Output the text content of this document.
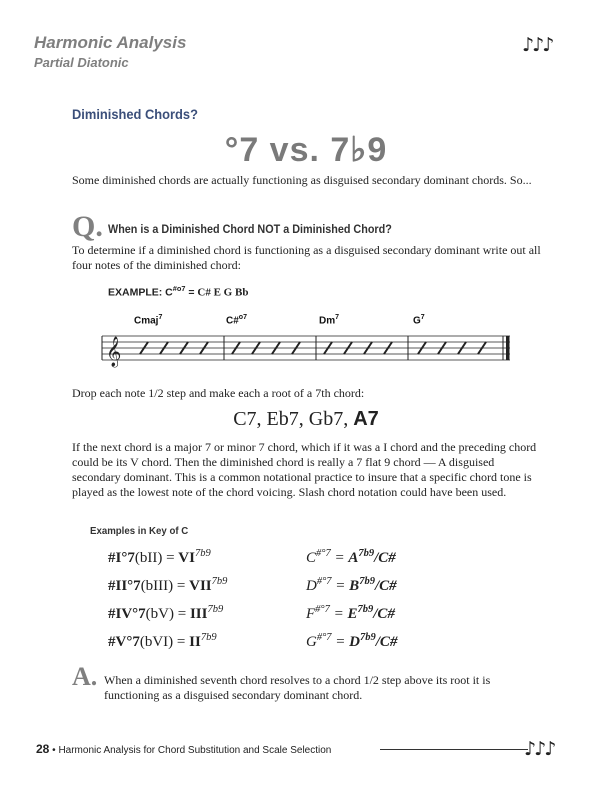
Harmonic Analysis
Partial Diatonic
♪♪♪
Diminished Chords?
°7 vs. 7♭9
Some diminished chords are actually functioning as disguised secondary dominant chords. So...
Q. When is a Diminished Chord NOT a Diminished Chord?
To determine if a diminished chord is functioning as a disguised secondary dominant write out all four notes of the diminished chord:
EXAMPLE: $C^{\#o7}$ = C# E G Bb
Cmaj$^7$	C#$^{o7}$	Dm$^7$	$G^7$
𝄞
Drop each note 1/2 step and make each a root of a 7th chord:
C7, Eb7, Gb7, A7
If the next chord is a major 7 or minor 7 chord, which if it was a I chord and the preceding chord could be its V chord. Then the diminished chord is really a 7 flat 9 chord — A disguised secondary dominant. This is a common notational practice to insure that a specific chord tone is played as the lowest note of the chord voicing. Slash chord notation could have been used.
Examples in Key of C
#I°7(bII) = $VI^{7b9}$	$C^{\#^\circ 7}$ = $A^{7b9}/C\#$
#II°7(bIII) = $VII^{7b9}$	$D^{\#^\circ 7}$ = $B^{7b9}/C\#$
#IV°7(bV) = $III^{7b9}$	$F^{\#^\circ 7}$ = $E^{7b9}/C\#$
#V°7(bVI) = $II^{7b9}$	$G^{\#^\circ 7}$ = $D^{7b9}/C\#$
A. When a diminished seventh chord resolves to a chord 1/2 step above its root it is functioning as a disguised secondary dominant chord.
28 • Harmonic Analysis for Chord Substitution and Scale Selection	♪♪♪
